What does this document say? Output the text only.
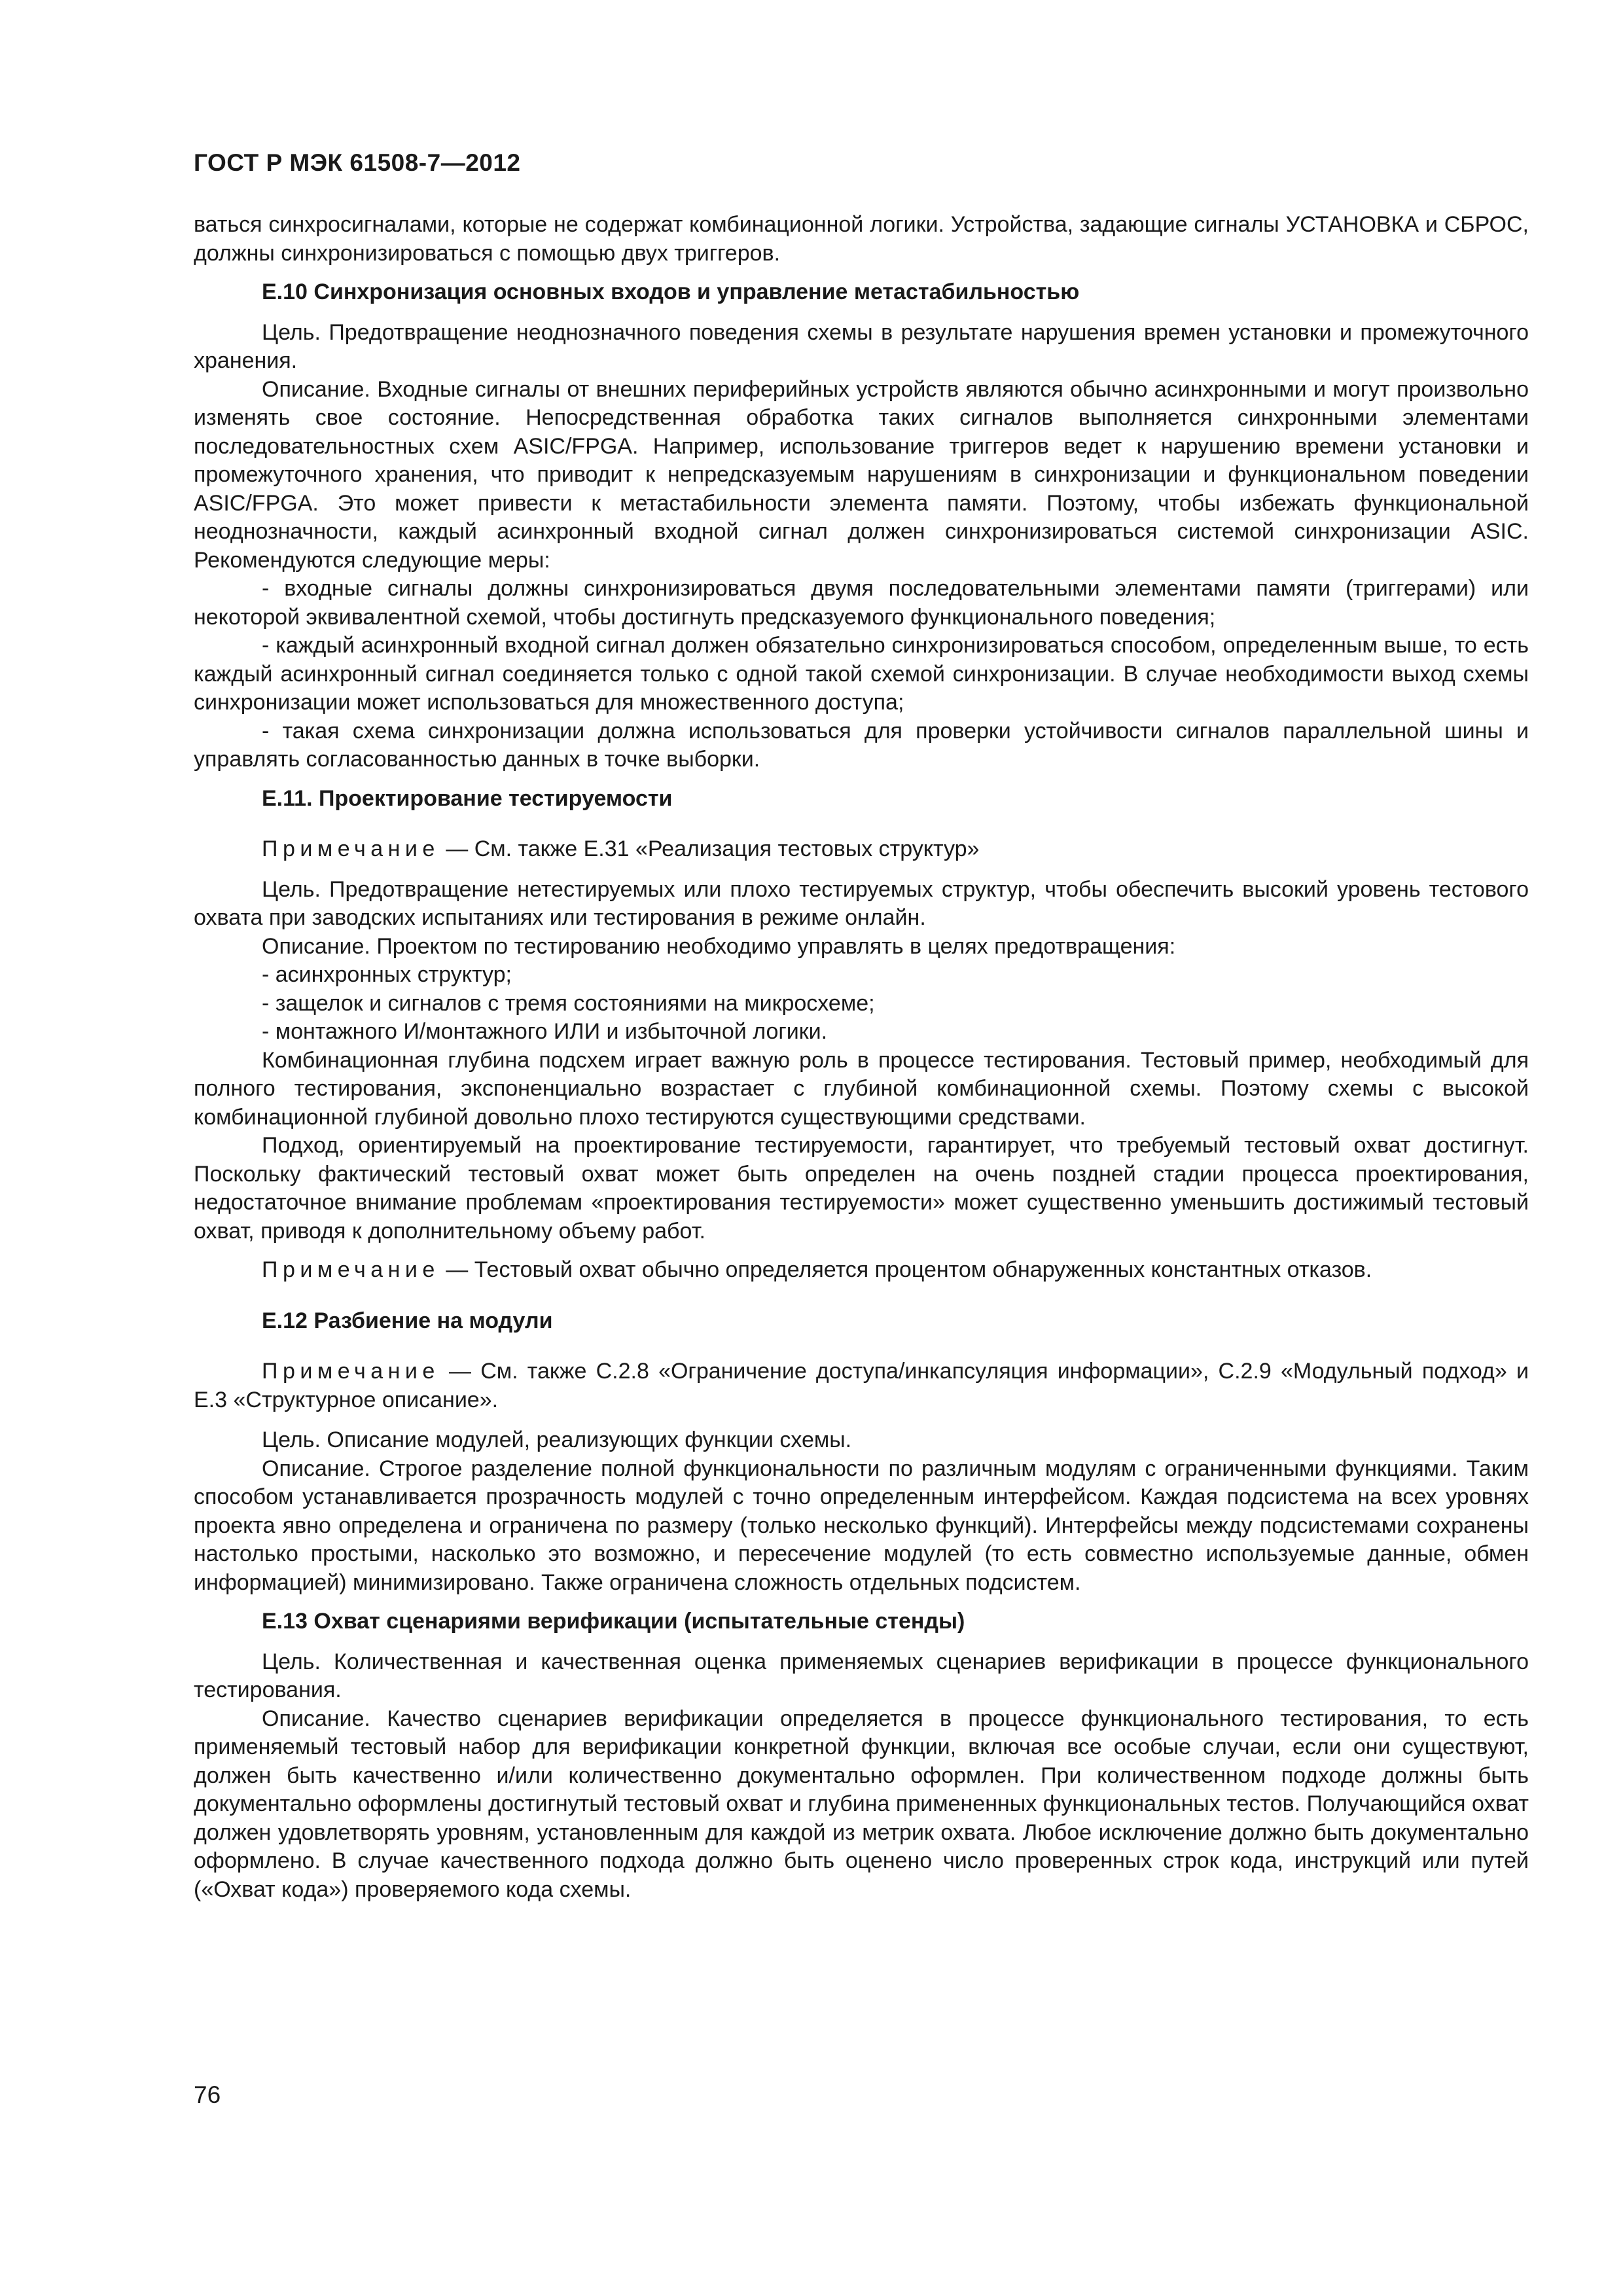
ГОСТ Р МЭК 61508-7—2012

ваться синхросигналами, которые не содержат комбинационной логики. Устройства, задающие сигналы УСТАНОВКА и СБРОС, должны синхронизироваться с помощью двух триггеров.

Е.10 Синхронизация основных входов и управление метастабильностью

Цель. Предотвращение неоднозначного поведения схемы в результате нарушения времен установки и промежуточного хранения.

Описание. Входные сигналы от внешних периферийных устройств являются обычно асинхронными и могут произвольно изменять свое состояние. Непосредственная обработка таких сигналов выполняется синхронными элементами последовательностных схем ASIC/FPGA. Например, использование триггеров ведет к нарушению времени установки и промежуточного хранения, что приводит к непредсказуемым нарушениям в синхронизации и функциональном поведении ASIC/FPGA. Это может привести к метастабильности элемента памяти. Поэтому, чтобы избежать функциональной неоднозначности, каждый асинхронный входной сигнал должен синхронизироваться системой синхронизации ASIC. Рекомендуются следующие меры:

- входные сигналы должны синхронизироваться двумя последовательными элементами памяти (триггерами) или некоторой эквивалентной схемой, чтобы достигнуть предсказуемого функционального поведения;

- каждый асинхронный входной сигнал должен обязательно синхронизироваться способом, определенным выше, то есть каждый асинхронный сигнал соединяется только с одной такой схемой синхронизации. В случае необходимости выход схемы синхронизации может использоваться для множественного доступа;

- такая схема синхронизации должна использоваться для проверки устойчивости сигналов параллельной шины и управлять согласованностью данных в точке выборки.

Е.11. Проектирование тестируемости

Примечание — См. также Е.31 «Реализация тестовых структур»

Цель. Предотвращение нетестируемых или плохо тестируемых структур, чтобы обеспечить высокий уровень тестового охвата при заводских испытаниях или тестирования в режиме онлайн.

Описание. Проектом по тестированию необходимо управлять в целях предотвращения:

- асинхронных структур;

- защелок и сигналов с тремя состояниями на микросхеме;

- монтажного И/монтажного ИЛИ и избыточной логики.

Комбинационная глубина подсхем играет важную роль в процессе тестирования. Тестовый пример, необходимый для полного тестирования, экспоненциально возрастает с глубиной комбинационной схемы. Поэтому схемы с высокой комбинационной глубиной довольно плохо тестируются существующими средствами.

Подход, ориентируемый на проектирование тестируемости, гарантирует, что требуемый тестовый охват достигнут. Поскольку фактический тестовый охват может быть определен на очень поздней стадии процесса проектирования, недостаточное внимание проблемам «проектирования тестируемости» может существенно уменьшить достижимый тестовый охват, приводя к дополнительному объему работ.

Примечание — Тестовый охват обычно определяется процентом обнаруженных константных отказов.

Е.12 Разбиение на модули

Примечание — См. также С.2.8 «Ограничение доступа/инкапсуляция информации», С.2.9 «Модульный подход» и Е.3 «Структурное описание».

Цель. Описание модулей, реализующих функции схемы.

Описание. Строгое разделение полной функциональности по различным модулям с ограниченными функциями. Таким способом устанавливается прозрачность модулей с точно определенным интерфейсом. Каждая подсистема на всех уровнях проекта явно определена и ограничена по размеру (только несколько функций). Интерфейсы между подсистемами сохранены настолько простыми, насколько это возможно, и пересечение модулей (то есть совместно используемые данные, обмен информацией) минимизировано. Также ограничена сложность отдельных подсистем.

Е.13 Охват сценариями верификации (испытательные стенды)

Цель. Количественная и качественная оценка применяемых сценариев верификации в процессе функционального тестирования.

Описание. Качество сценариев верификации определяется в процессе функционального тестирования, то есть применяемый тестовый набор для верификации конкретной функции, включая все особые случаи, если они существуют, должен быть качественно и/или количественно документально оформлен. При количественном подходе должны быть документально оформлены достигнутый тестовый охват и глубина примененных функциональных тестов. Получающийся охват должен удовлетворять уровням, установленным для каждой из метрик охвата. Любое исключение должно быть документально оформлено. В случае качественного подхода должно быть оценено число проверенных строк кода, инструкций или путей («Охват кода») проверяемого кода схемы.

76
